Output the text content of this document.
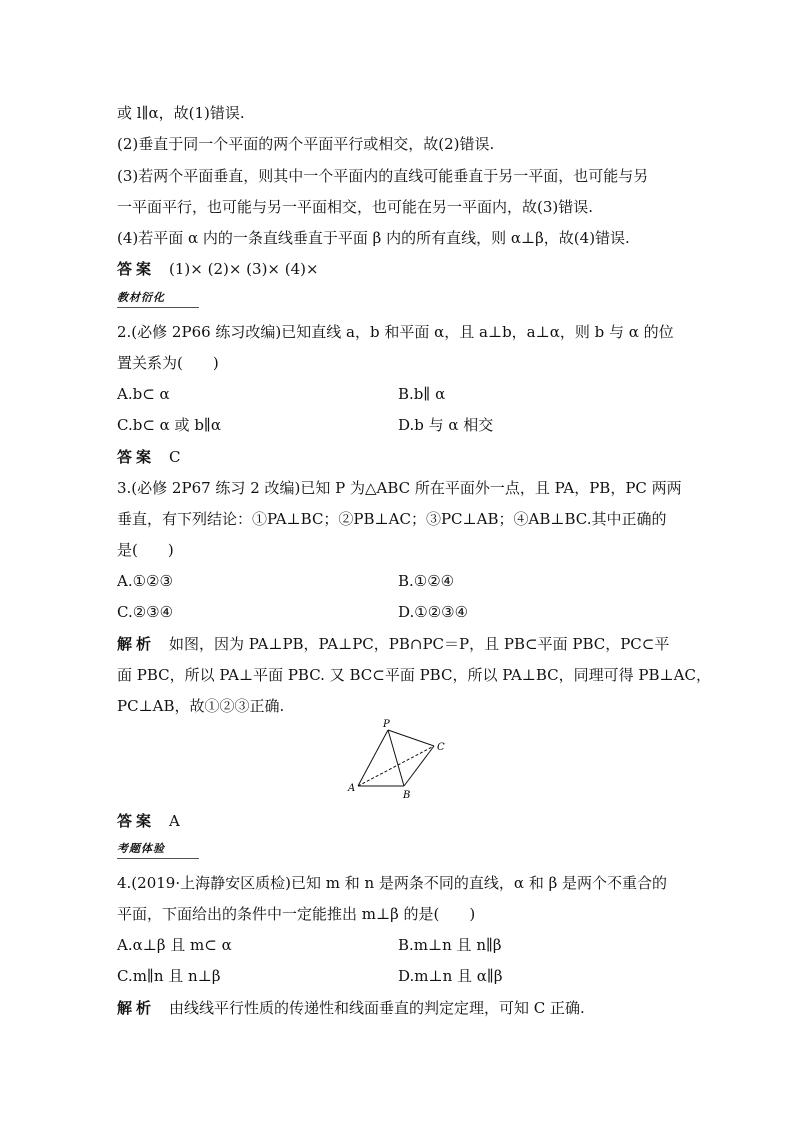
或 l∥α，故(1)错误.
(2)垂直于同一个平面的两个平面平行或相交，故(2)错误.
(3)若两个平面垂直，则其中一个平面内的直线可能垂直于另一平面，也可能与另
一平面平行，也可能与另一平面相交，也可能在另一平面内，故(3)错误.
(4)若平面 α 内的一条直线垂直于平面 β 内的所有直线，则 α⊥β，故(4)错误.
答案 (1)× (2)× (3)× (4)×
教材衍化
2.(必修 2P66 练习改编)已知直线 a，b 和平面 α，且 a⊥b，a⊥α，则 b 与 α 的位
置关系为(　　)
A.b⊂ α	B.b∥ α
C.b⊂ α 或 b∥α	D.b 与 α 相交
答案 C
3.(必修 2P67 练习 2 改编)已知 P 为△ABC 所在平面外一点，且 PA，PB，PC 两两
垂直，有下列结论：①PA⊥BC；②PB⊥AC；③PC⊥AB；④AB⊥BC.其中正确的
是(　　)
A.①②③	B.①②④
C.②③④	D.①②③④
解析 如图，因为 PA⊥PB，PA⊥PC，PB∩PC＝P，且 PB⊂平面 PBC，PC⊂平
面 PBC，所以 PA⊥平面 PBC. 又 BC⊂平面 PBC，所以 PA⊥BC，同理可得 PB⊥AC，
PC⊥AB，故①②③正确.
P
C
A
B
答案 A
考题体验
4.(2019·上海静安区质检)已知 m 和 n 是两条不同的直线，α 和 β 是两个不重合的
平面，下面给出的条件中一定能推出 m⊥β 的是(　　)
A.α⊥β 且 m⊂ α	B.m⊥n 且 n∥β
C.m∥n 且 n⊥β	D.m⊥n 且 α∥β
解析 由线线平行性质的传递性和线面垂直的判定定理，可知 C 正确.
